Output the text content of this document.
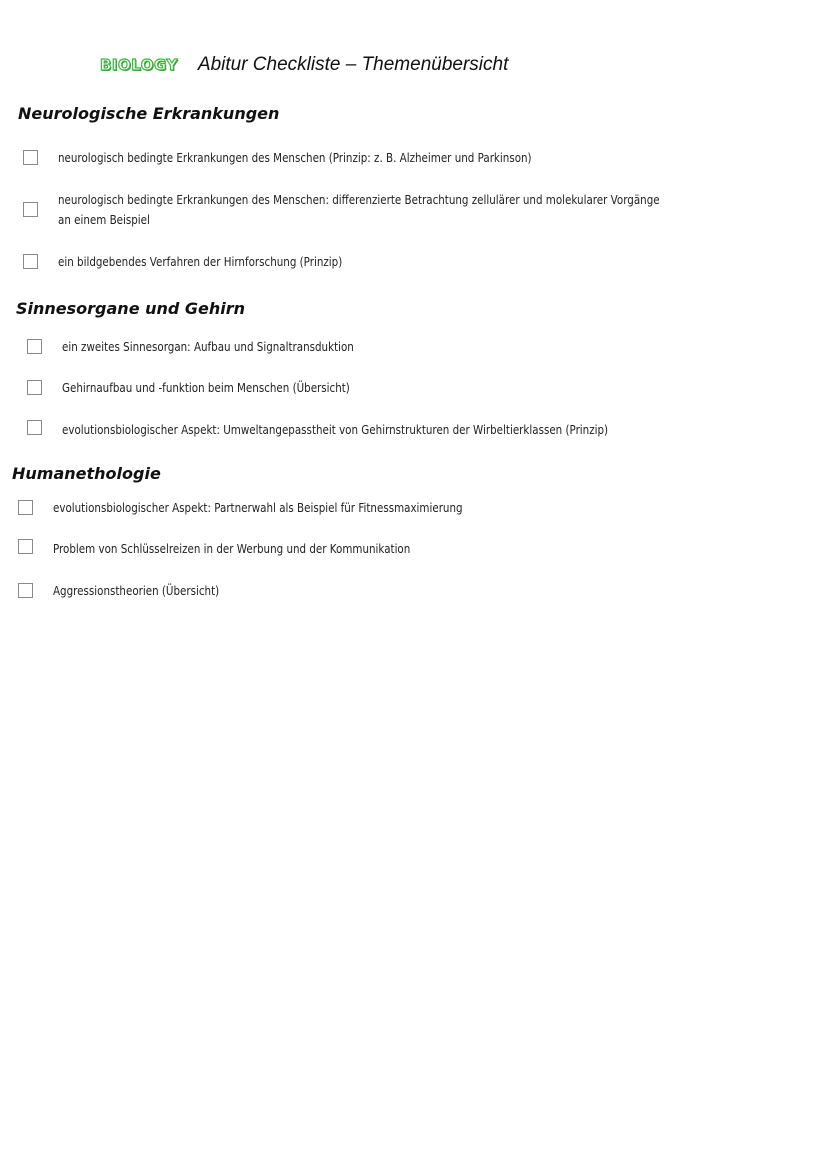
BIOLOGY Abitur Checkliste – Themenübersicht
Neurologische Erkrankungen
neurologisch bedingte Erkrankungen des Menschen (Prinzip: z. B. Alzheimer und Parkinson)
neurologisch bedingte Erkrankungen des Menschen: differenzierte Betrachtung zellulärer und molekularer Vorgänge an einem Beispiel
ein bildgebendes Verfahren der Hirnforschung (Prinzip)
Sinnesorgane und Gehirn
ein zweites Sinnesorgan: Aufbau und Signaltransduktion
Gehirnaufbau und -funktion beim Menschen (Übersicht)
evolutionsbiologischer Aspekt: Umweltangepasstheit von Gehirnstrukturen der Wirbeltierklassen (Prinzip)
Humanethologie
evolutionsbiologischer Aspekt: Partnerwahl als Beispiel für Fitnessmaximierung
Problem von Schlüsselreizen in der Werbung und der Kommunikation
Aggressionstheorien (Übersicht)
